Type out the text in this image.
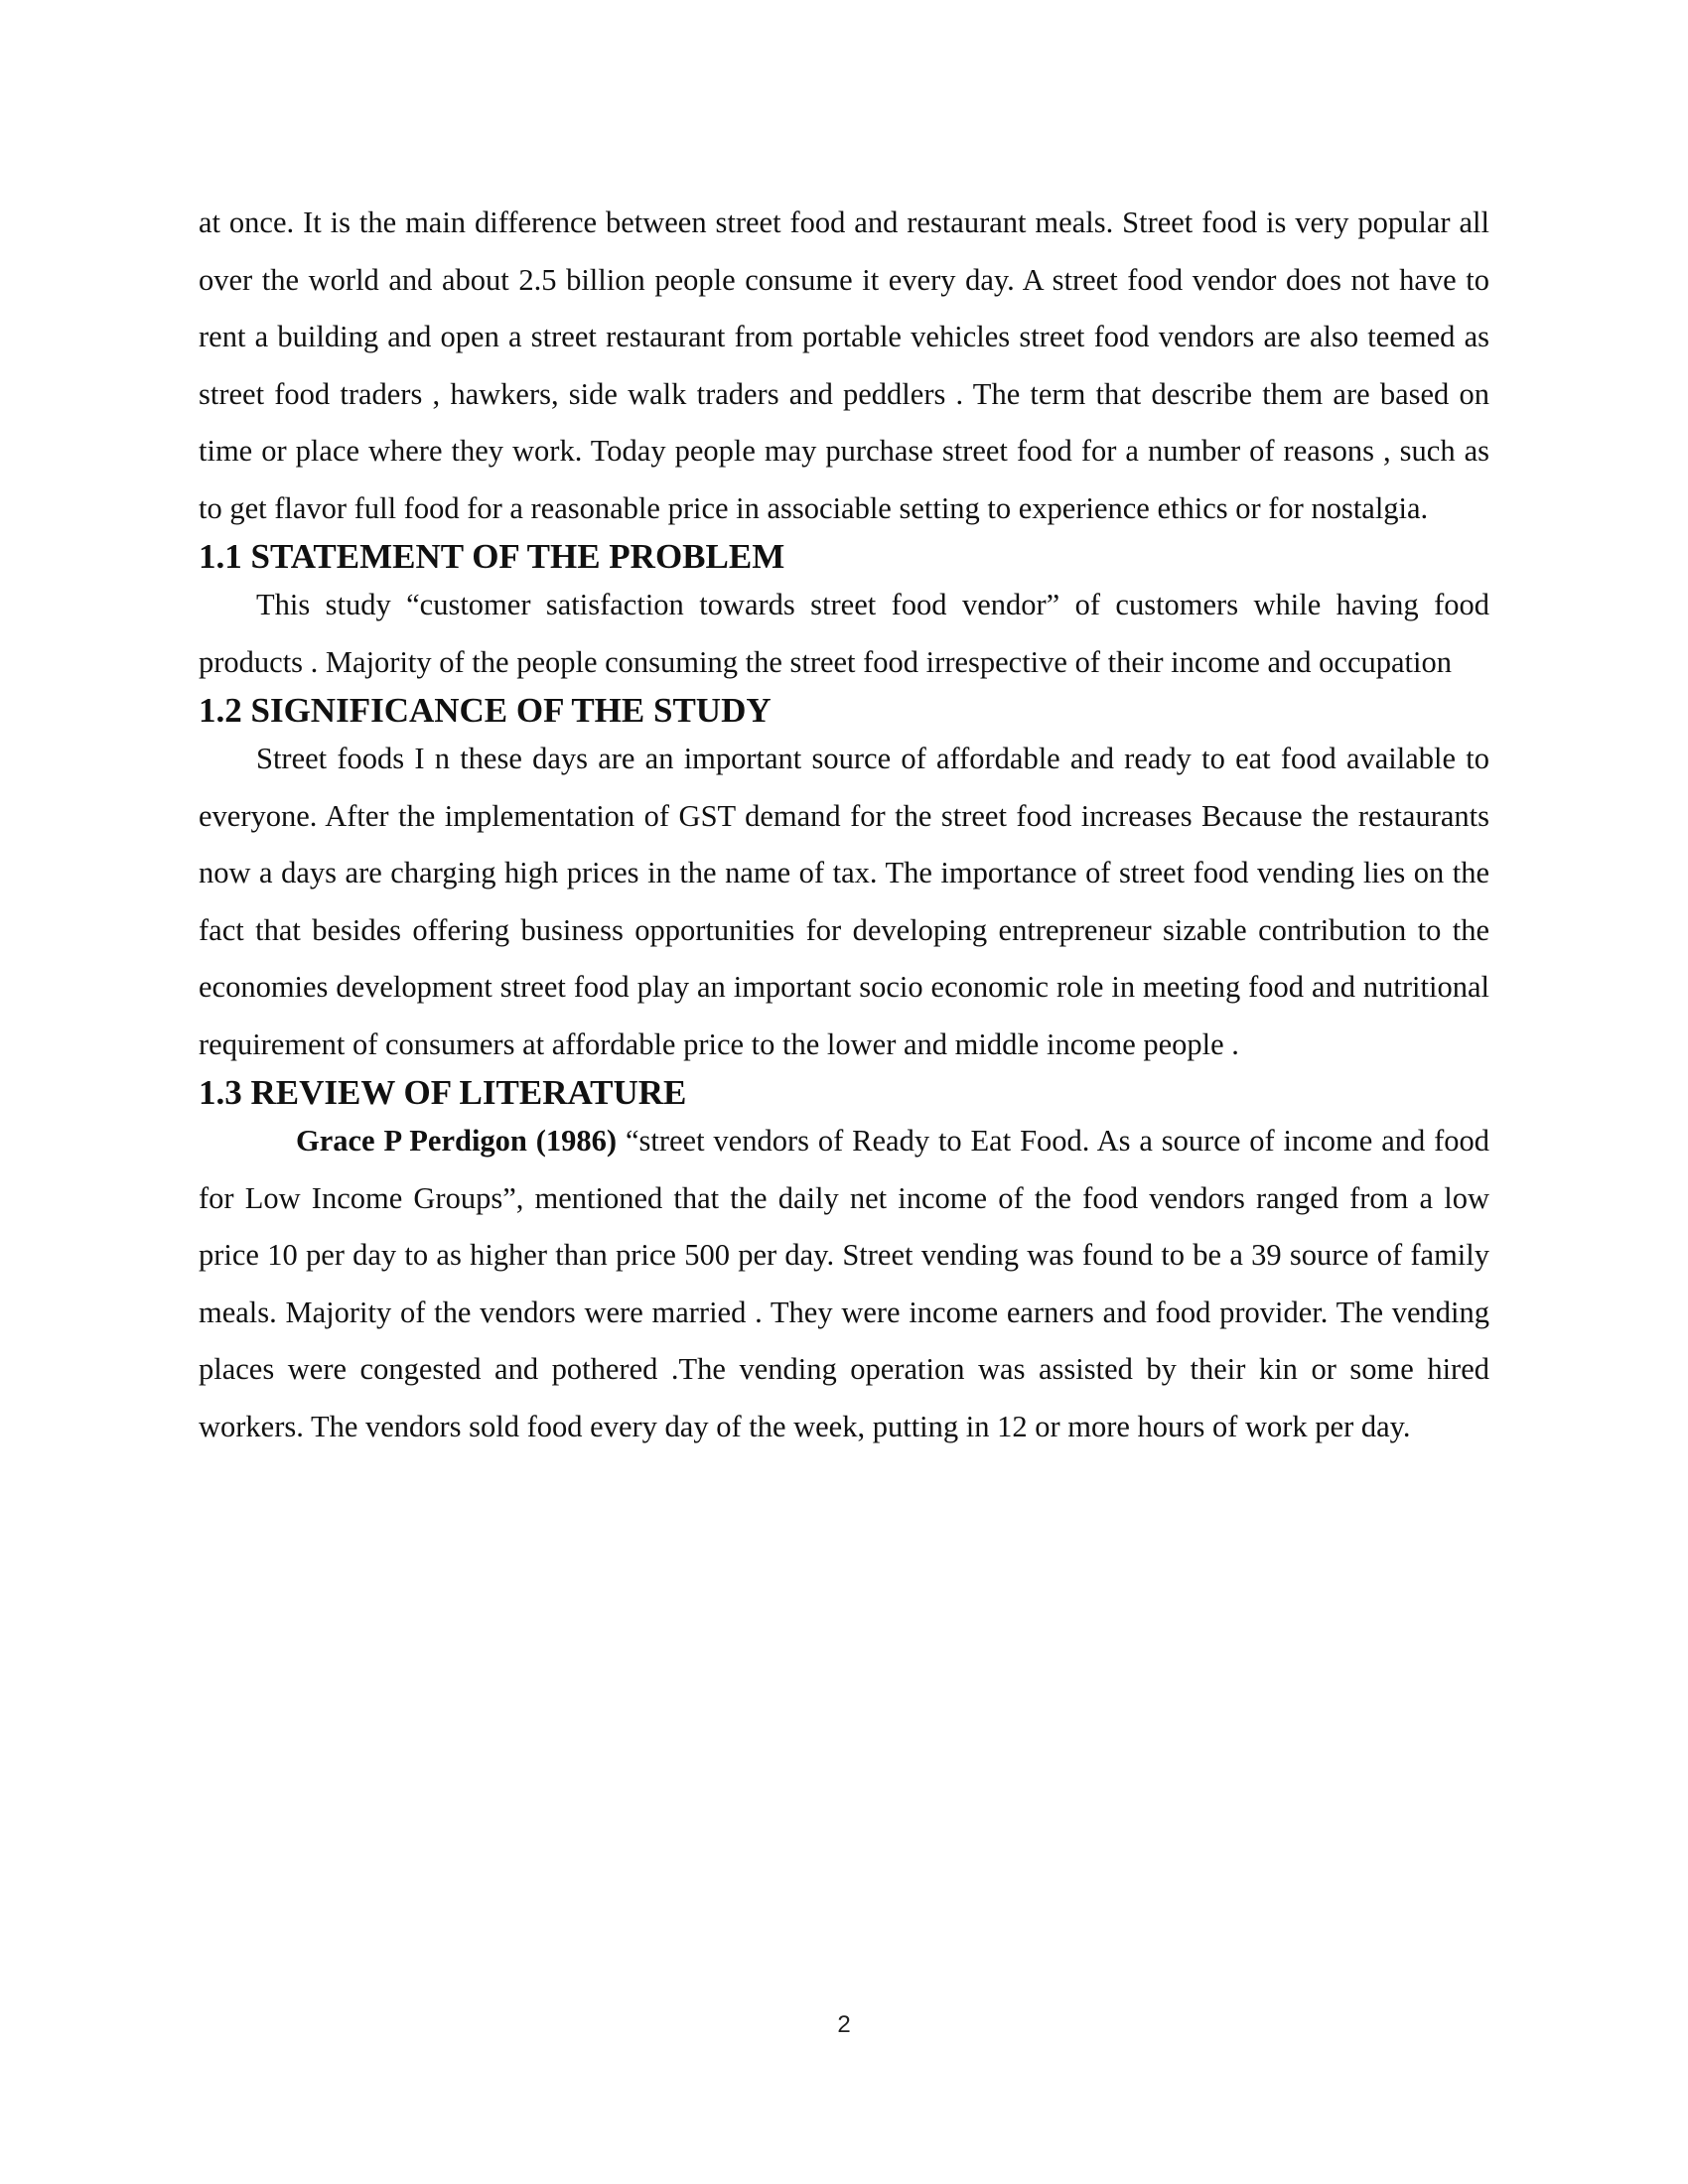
at once. It is the main difference between street food and restaurant meals. Street food is very popular all over the world and about 2.5 billion people consume it every day. A street food vendor does not have to rent a building and open a street restaurant from portable vehicles street food vendors are also teemed as street food traders , hawkers, side walk traders and peddlers . The term that describe them are based on time or place where they work. Today people may purchase street food for a number of reasons , such as to get flavor full food for a reasonable price in associable setting to experience ethics or for nostalgia.

1.1 STATEMENT OF THE PROBLEM

This study “customer satisfaction towards street food vendor” of customers while having food products . Majority of the people consuming the street food irrespective of their income and occupation

1.2 SIGNIFICANCE OF THE STUDY

Street foods I n these days are an important source of affordable and ready to eat food available to everyone. After the implementation of GST demand for the street food increases Because the restaurants now a days are charging high prices in the name of tax. The importance of street food vending lies on the fact that besides offering business opportunities for developing entrepreneur sizable contribution to the economies development street food play an important socio economic role in meeting food and nutritional requirement of consumers at affordable price to the lower and middle income people .

1.3 REVIEW OF LITERATURE

Grace P Perdigon (1986) “street vendors of Ready to Eat Food. As a source of income and food for Low Income Groups”, mentioned that the daily net income of the food vendors ranged from a low price 10 per day to as higher than price 500 per day. Street vending was found to be a 39 source of family meals. Majority of the vendors were married . They were income earners and food provider. The vending places were congested and pothered .The vending operation was assisted by their kin or some hired workers. The vendors sold food every day of the week, putting in 12 or more hours of work per day.

2
